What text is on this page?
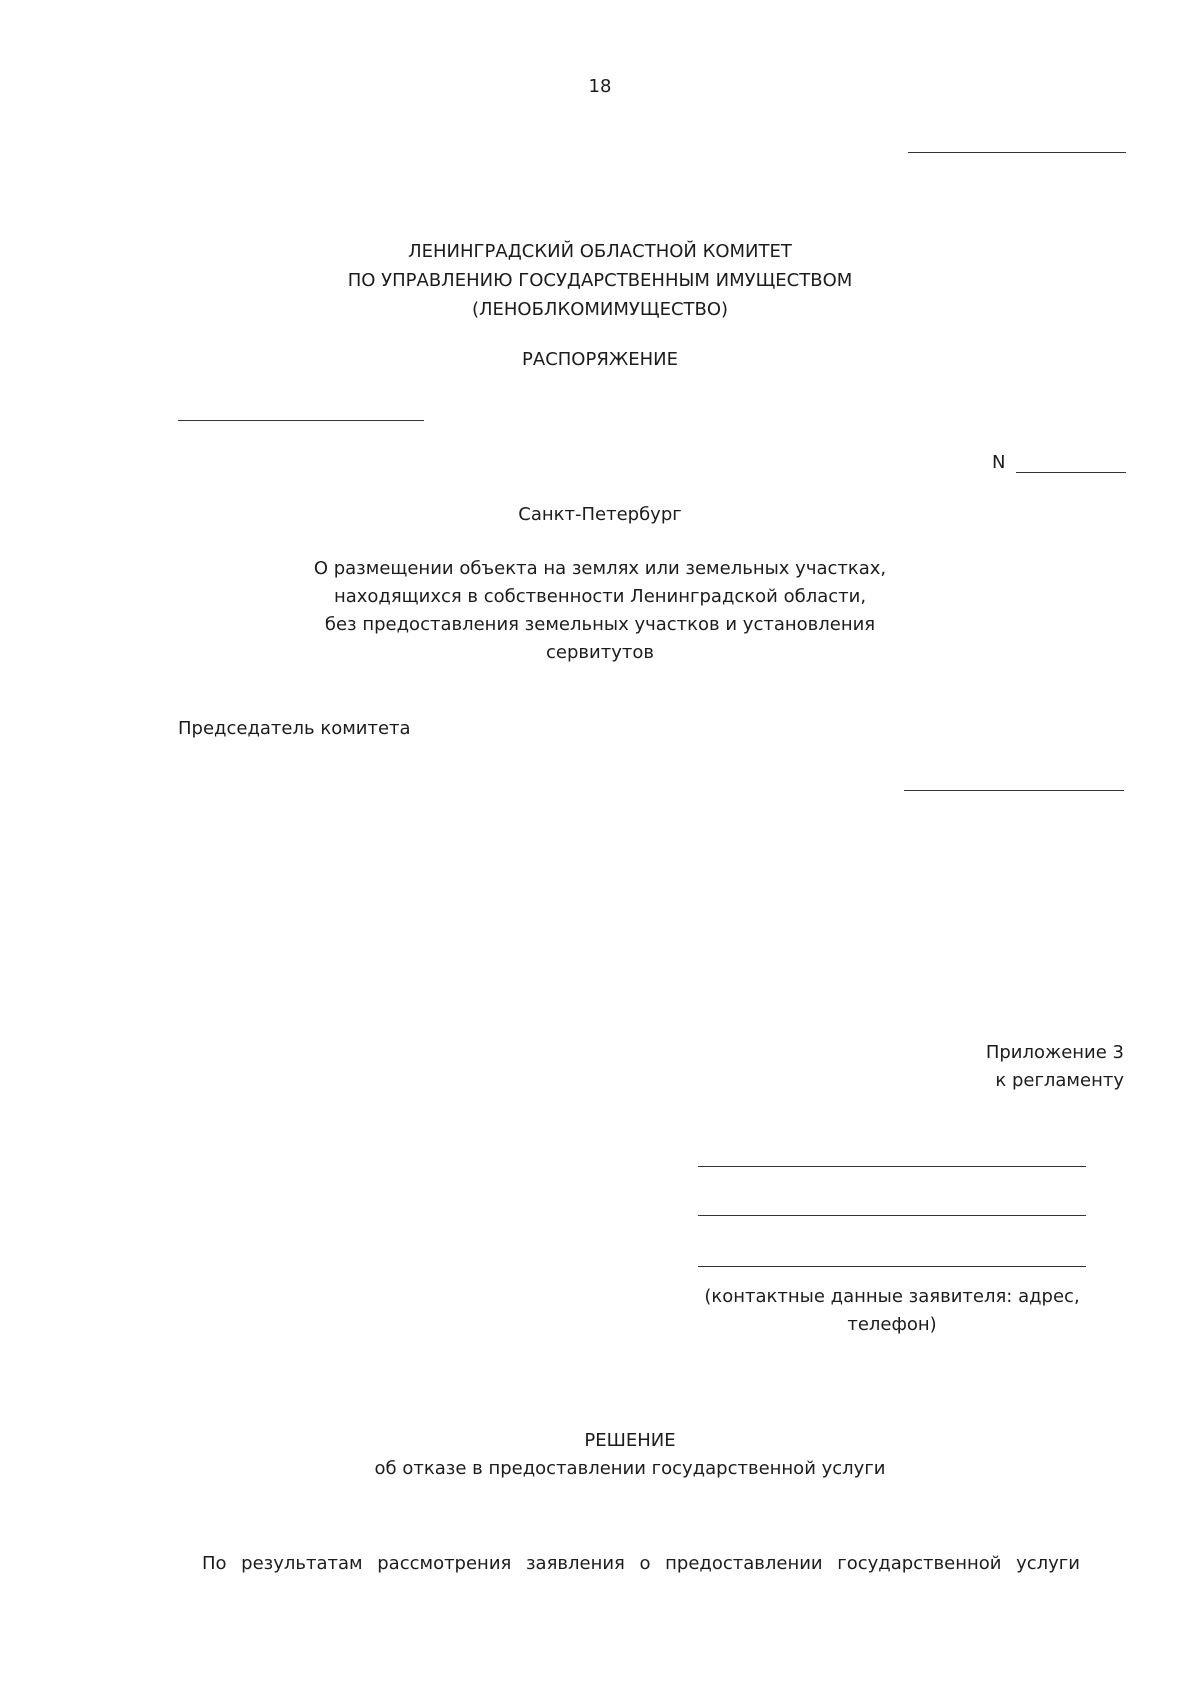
18
ЛЕНИНГРАДСКИЙ ОБЛАСТНОЙ КОМИТЕТ
ПО УПРАВЛЕНИЮ ГОСУДАРСТВЕННЫМ ИМУЩЕСТВОМ
(ЛЕНОБЛКОМИМУЩЕСТВО)
РАСПОРЯЖЕНИЕ
N
Санкт-Петербург
О размещении объекта на землях или земельных участках,
находящихся в собственности Ленинградской области,
без предоставления земельных участков и установления
сервитутов
Председатель комитета
Приложение 3
к регламенту
(контактные данные заявителя: адрес,
телефон)
РЕШЕНИЕ
об отказе в предоставлении государственной услуги
По результатам рассмотрения заявления о предоставлении государственной услуги
